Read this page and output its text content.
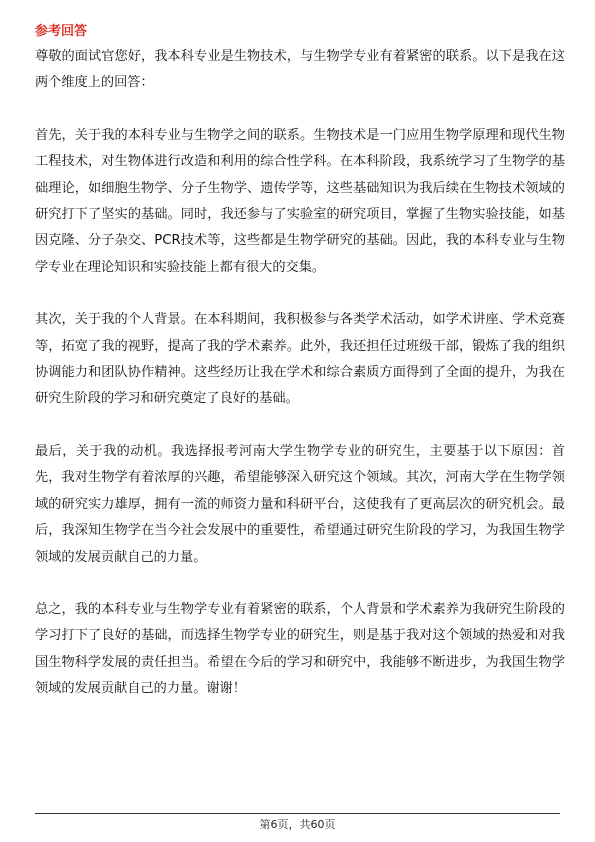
参考回答

尊敬的面试官您好，我本科专业是生物技术，与生物学专业有着紧密的联系。以下是我在这两个维度上的回答：

首先，关于我的本科专业与生物学之间的联系。生物技术是一门应用生物学原理和现代生物工程技术，对生物体进行改造和利用的综合性学科。在本科阶段，我系统学习了生物学的基础理论，如细胞生物学、分子生物学、遗传学等，这些基础知识为我后续在生物技术领域的研究打下了坚实的基础。同时，我还参与了实验室的研究项目，掌握了生物实验技能，如基因克隆、分子杂交、PCR技术等，这些都是生物学研究的基础。因此，我的本科专业与生物学专业在理论知识和实验技能上都有很大的交集。

其次，关于我的个人背景。在本科期间，我积极参与各类学术活动，如学术讲座、学术竞赛等，拓宽了我的视野，提高了我的学术素养。此外，我还担任过班级干部，锻炼了我的组织协调能力和团队协作精神。这些经历让我在学术和综合素质方面得到了全面的提升，为我在研究生阶段的学习和研究奠定了良好的基础。

最后，关于我的动机。我选择报考河南大学生物学专业的研究生，主要基于以下原因：首先，我对生物学有着浓厚的兴趣，希望能够深入研究这个领域。其次，河南大学在生物学领域的研究实力雄厚，拥有一流的师资力量和科研平台，这使我有了更高层次的研究机会。最后，我深知生物学在当今社会发展中的重要性，希望通过研究生阶段的学习，为我国生物学领域的发展贡献自己的力量。

总之，我的本科专业与生物学专业有着紧密的联系，个人背景和学术素养为我研究生阶段的学习打下了良好的基础，而选择生物学专业的研究生，则是基于我对这个领域的热爱和对我国生物科学发展的责任担当。希望在今后的学习和研究中，我能够不断进步，为我国生物学领域的发展贡献自己的力量。谢谢！

第6页，共60页
